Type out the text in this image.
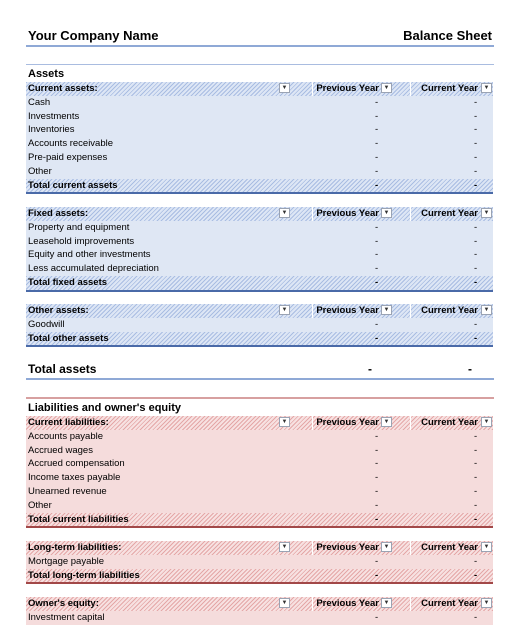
Your Company Name	Balance Sheet
Assets
Current assets:	▼	Previous Year ▼	Current Year ▼
Cash	-	-
Investments	-	-
Inventories	-	-
Accounts receivable	-	-
Pre-paid expenses	-	-
Other	-	-
Total current assets	-	-
Fixed assets:	▼	Previous Year ▼	Current Year ▼
Property and equipment	-	-
Leasehold improvements	-	-
Equity and other investments	-	-
Less accumulated depreciation	-	-
Total fixed assets	-	-
Other assets:	▼	Previous Year ▼	Current Year ▼
Goodwill	-	-
Total other assets	-	-
Total assets	-	-
Liabilities and owner's equity
Current liabilities:	▼	Previous Year ▼	Current Year ▼
Accounts payable	-	-
Accrued wages	-	-
Accrued compensation	-	-
Income taxes payable	-	-
Unearned revenue	-	-
Other	-	-
Total current liabilities	-	-
Long-term liabilities:	▼	Previous Year ▼	Current Year ▼
Mortgage payable	-	-
Total long-term liabilities	-	-
Owner's equity:	▼	Previous Year ▼	Current Year ▼
Investment capital	-	-
